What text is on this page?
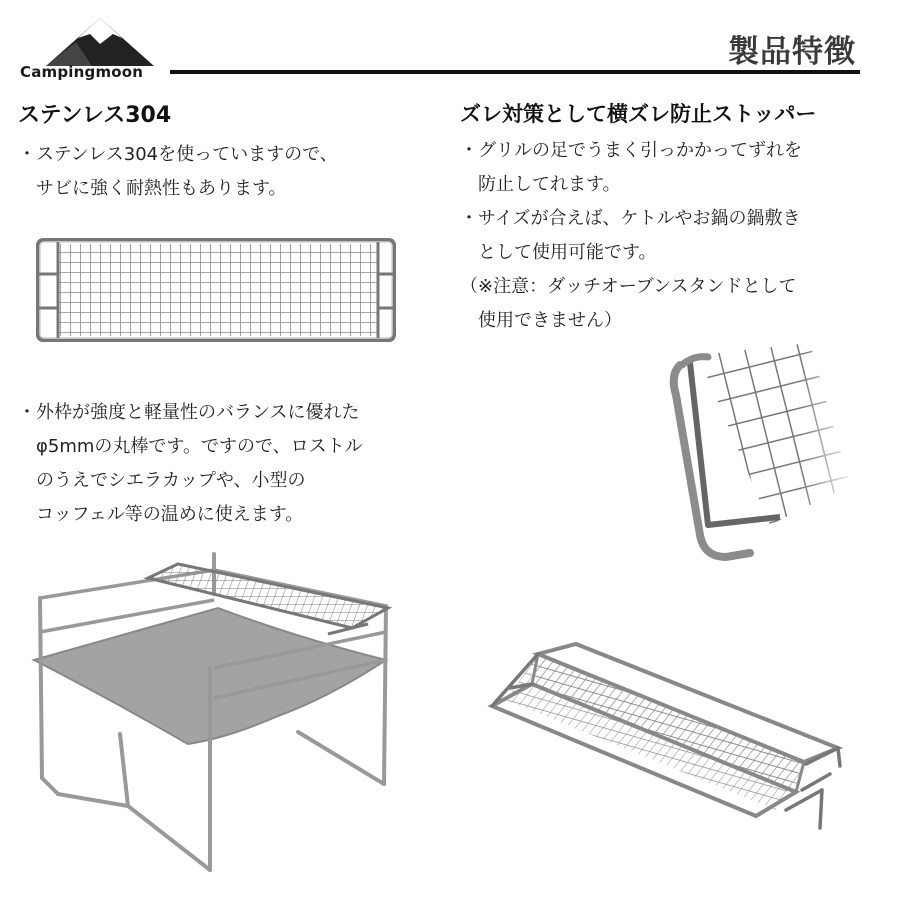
Campingmoon
製品特徴
ステンレス304
・ステンレス304を使っていますので、
　サビに強く耐熱性もあります。
・外枠が強度と軽量性のバランスに優れた
　φ5mmの丸棒です。ですので、ロストル
　のうえでシエラカップや、小型の
　コッフェル等の温めに使えます。
ズレ対策として横ズレ防止ストッパー
・グリルの足でうまく引っかかってずれを
　防止してれます。
・サイズが合えば、ケトルやお鍋の鍋敷き
　として使用可能です。
（※注意：ダッチオーブンスタンドとして
　使用できません）
